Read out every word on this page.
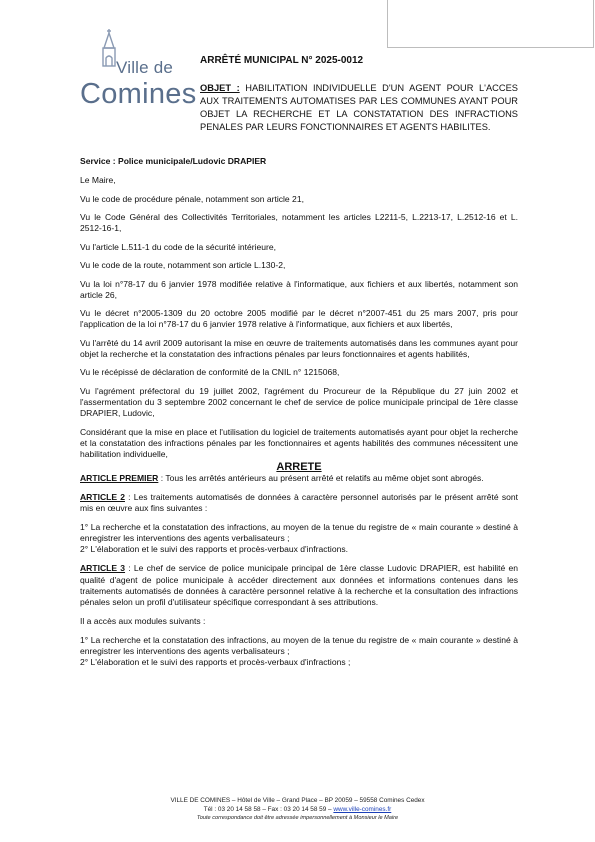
Ville de
Comines
ARRÊTÉ MUNICIPAL N° 2025-0012
OBJET : HABILITATION INDIVIDUELLE D'UN AGENT POUR L'ACCES AUX TRAITEMENTS AUTOMATISES PAR LES COMMUNES AYANT POUR OBJET LA RECHERCHE ET LA CONSTATATION DES INFRACTIONS PENALES PAR LEURS FONCTIONNAIRES ET AGENTS HABILITES.

Service : Police municipale/Ludovic DRAPIER

Le Maire,

Vu le code de procédure pénale, notamment son article 21,

Vu le Code Général des Collectivités Territoriales, notamment les articles L2211-5, L.2213-17, L.2512-16 et L. 2512-16-1,

Vu l'article L.511-1 du code de la sécurité intérieure,

Vu le code de la route, notamment son article L.130-2,

Vu la loi n°78-17 du 6 janvier 1978 modifiée relative à l'informatique, aux fichiers et aux libertés, notamment son article 26,

Vu le décret n°2005-1309 du 20 octobre 2005 modifié par le décret n°2007-451 du 25 mars 2007, pris pour l'application de la loi n°78-17 du 6 janvier 1978 relative à l'informatique, aux fichiers et aux libertés,

Vu l'arrêté du 14 avril 2009 autorisant la mise en œuvre de traitements automatisés dans les communes ayant pour objet la recherche et la constatation des infractions pénales par leurs fonctionnaires et agents habilités,

Vu le récépissé de déclaration de conformité de la CNIL n° 1215068,

Vu l'agrément préfectoral du 19 juillet 2002, l'agrément du Procureur de la République du 27 juin 2002 et l'assermentation du 3 septembre 2002 concernant le chef de service de police municipale principal de 1ère classe DRAPIER, Ludovic,

Considérant que la mise en place et l'utilisation du logiciel de traitements automatisés ayant pour objet la recherche et la constatation des infractions pénales par les fonctionnaires et agents habilités des communes nécessitent une habilitation individuelle,

ARRETE

ARTICLE PREMIER : Tous les arrêtés antérieurs au présent arrêté et relatifs au même objet sont abrogés.

ARTICLE 2 : Les traitements automatisés de données à caractère personnel autorisés par le présent arrêté sont mis en œuvre aux fins suivantes :

1° La recherche et la constatation des infractions, au moyen de la tenue du registre de « main courante » destiné à enregistrer les interventions des agents verbalisateurs ;

2° L'élaboration et le suivi des rapports et procès-verbaux d'infractions.

ARTICLE 3 : Le chef de service de police municipale principal de 1ère classe Ludovic DRAPIER, est habilité en qualité d'agent de police municipale à accéder directement aux données et informations contenues dans les traitements automatisés de données à caractère personnel relative à la recherche et la consultation des infractions pénales selon un profil d'utilisateur spécifique correspondant à ses attributions.

Il a accès aux modules suivants :

1° La recherche et la constatation des infractions, au moyen de la tenue du registre de « main courante » destiné à enregistrer les interventions des agents verbalisateurs ;

2° L'élaboration et le suivi des rapports et procès-verbaux d'infractions ;

VILLE DE COMINES – Hôtel de Ville – Grand Place – BP 20059 – 59558 Comines Cedex
Tél : 03 20 14 58 58 – Fax : 03 20 14 58 59 – www.ville-comines.fr
Toute correspondance doit être adressée impersonnellement à Monsieur le Maire
